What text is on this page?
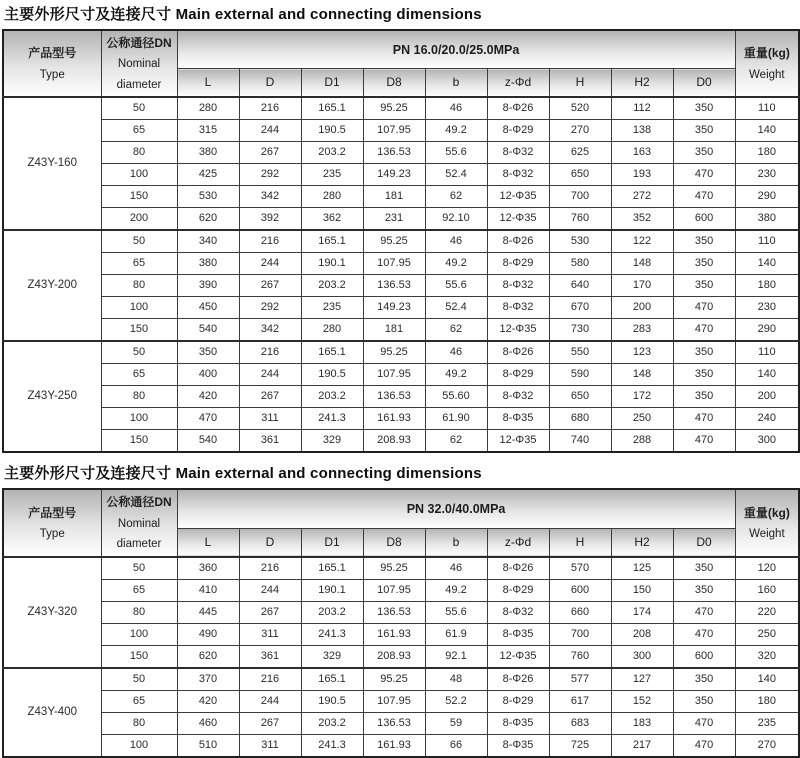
主要外形尺寸及连接尺寸 Main external and connecting dimensions
产品型号
Type	公称通径DN
Nominal
diameter	PN 16.0/20.0/25.0MPa									重量(kg)
Weight
		L	D	D1	D8	b	z-Φd	H	H2	D0	
Z43Y-160	50	280	216	165.1	95.25	46	8-Φ26	520	112	350	110
	65	315	244	190.5	107.95	49.2	8-Φ29	270	138	350	140
	80	380	267	203.2	136.53	55.6	8-Φ32	625	163	350	180
	100	425	292	235	149.23	52.4	8-Φ32	650	193	470	230
	150	530	342	280	181	62	12-Φ35	700	272	470	290
	200	620	392	362	231	92.10	12-Φ35	760	352	600	380
Z43Y-200	50	340	216	165.1	95.25	46	8-Φ26	530	122	350	110
	65	380	244	190.1	107.95	49.2	8-Φ29	580	148	350	140
	80	390	267	203.2	136.53	55.6	8-Φ32	640	170	350	180
	100	450	292	235	149.23	52.4	8-Φ32	670	200	470	230
	150	540	342	280	181	62	12-Φ35	730	283	470	290
Z43Y-250	50	350	216	165.1	95.25	46	8-Φ26	550	123	350	110
	65	400	244	190.5	107.95	49.2	8-Φ29	590	148	350	140
	80	420	267	203.2	136.53	55.60	8-Φ32	650	172	350	200
	100	470	311	241.3	161.93	61.90	8-Φ35	680	250	470	240
	150	540	361	329	208.93	62	12-Φ35	740	288	470	300
主要外形尺寸及连接尺寸 Main external and connecting dimensions
产品型号
Type	公称通径DN
Nominal
diameter	PN 32.0/40.0MPa									重量(kg)
Weight
		L	D	D1	D8	b	z-Φd	H	H2	D0	
Z43Y-320	50	360	216	165.1	95.25	46	8-Φ26	570	125	350	120
	65	410	244	190.1	107.95	49.2	8-Φ29	600	150	350	160
	80	445	267	203.2	136.53	55.6	8-Φ32	660	174	470	220
	100	490	311	241.3	161.93	61.9	8-Φ35	700	208	470	250
	150	620	361	329	208.93	92.1	12-Φ35	760	300	600	320
Z43Y-400	50	370	216	165.1	95.25	48	8-Φ26	577	127	350	140
	65	420	244	190.5	107.95	52.2	8-Φ29	617	152	350	180
	80	460	267	203.2	136.53	59	8-Φ35	683	183	470	235
	100	510	311	241.3	161.93	66	8-Φ35	725	217	470	270
